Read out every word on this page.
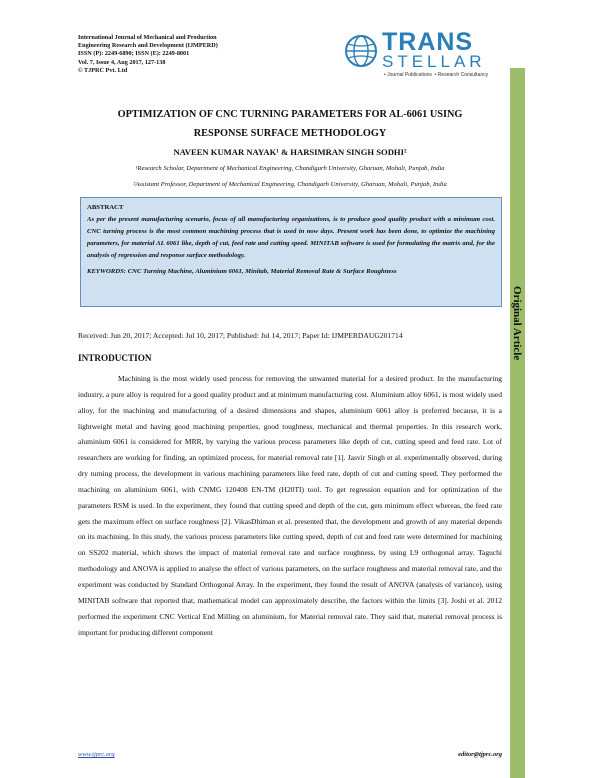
International Journal of Mechanical and Production
Engineering Research and Development (IJMPERD)
ISSN (P): 2249-6890; ISSN (E): 2249-8001
Vol. 7, Issue 4, Aug 2017, 127-138
© TJPRC Pvt. Ltd
TRANS
STELLAR
• Journal Publications • Research Consultancy
Original Article
OPTIMIZATION OF CNC TURNING PARAMETERS FOR AL-6061 USING
RESPONSE SURFACE METHODOLOGY
NAVEEN KUMAR NAYAK¹ & HARSIMRAN SINGH SODHI²
¹Research Scholar, Department of Mechanical Engineering, Chandigarh University, Gharuan, Mohali, Punjab, India
²Assistant Professor, Department of Mechanical Engineering, Chandigarh University, Gharuan, Mohali, Punjab, India
ABSTRACT
As per the present manufacturing scenario, focus of all manufacturing organizations, is to produce good quality product with a minimum cost. CNC turning process is the most common machining process that is used in now days. Present work has been done, to optimize the machining parameters, for material AL 6061 like, depth of cut, feed rate and cutting speed. MINITAB software is used for formulating the matrix and, for the analysis of regression and response surface methodology.
KEYWORDS: CNC Turning Machine, Aluminium 6061, Minitab, Material Removal Rate & Surface Roughness
Received: Jun 20, 2017; Accepted: Jul 10, 2017; Published: Jul 14, 2017; Paper Id: IJMPERDAUG201714
INTRODUCTION

Machining is the most widely used process for removing the unwanted material for a desired product. In the manufacturing industry, a pure alloy is required for a good quality product and at minimum manufacturing cost. Aluminium alloy 6061, is most widely used alloy, for the machining and manufacturing of a desired dimensions and shapes, aluminium 6061 alloy is preferred because, it is a lightweight metal and having good machining properties, good toughness, mechanical and thermal properties. In this research work, aluminium 6061 is considered for MRR, by varying the various process parameters like depth of cut, cutting speed and feed rate. Lot of researchers are working for finding, an optimized process, for material removal rate [1]. Jasvir Singh et al. experimentally observed, during dry turning process, the development in various machining parameters like feed rate, depth of cut and cutting speed. They performed the machining on aluminium 6061, with CNMG 120408 EN-TM (H20TI) tool. To get regression equation and for optimization of the parameters RSM is used. In the experiment, they found that cutting speed and depth of the cut, gets minimum effect whereas, the feed rate gets the maximum effect on surface roughness [2]. VikasDhiman et al. presented that, the development and growth of any material depends on its machining. In this study, the various process parameters like cutting speed, depth of cut and feed rate were determined for machining on SS202 material, which shows the impact of material removal rate and surface roughness, by using L9 orthogonal array. Taguchi methodology and ANOVA is applied to analyse the effect of various parameters, on the surface roughness and material removal rate, and the experiment was conducted by Standard Orthogonal Array. In the experiment, they found the result of ANOVA (analysis of variance), using MINITAB software that reported that, mathematical model can approximately describe, the factors within the limits [3]. Joshi et al. 2012 performed the experiment CNC Vertical End Milling on aluminium, for Material removal rate. They said that, material removal process is important for producing different component

www.tjprc.org	editor@tjprc.org
